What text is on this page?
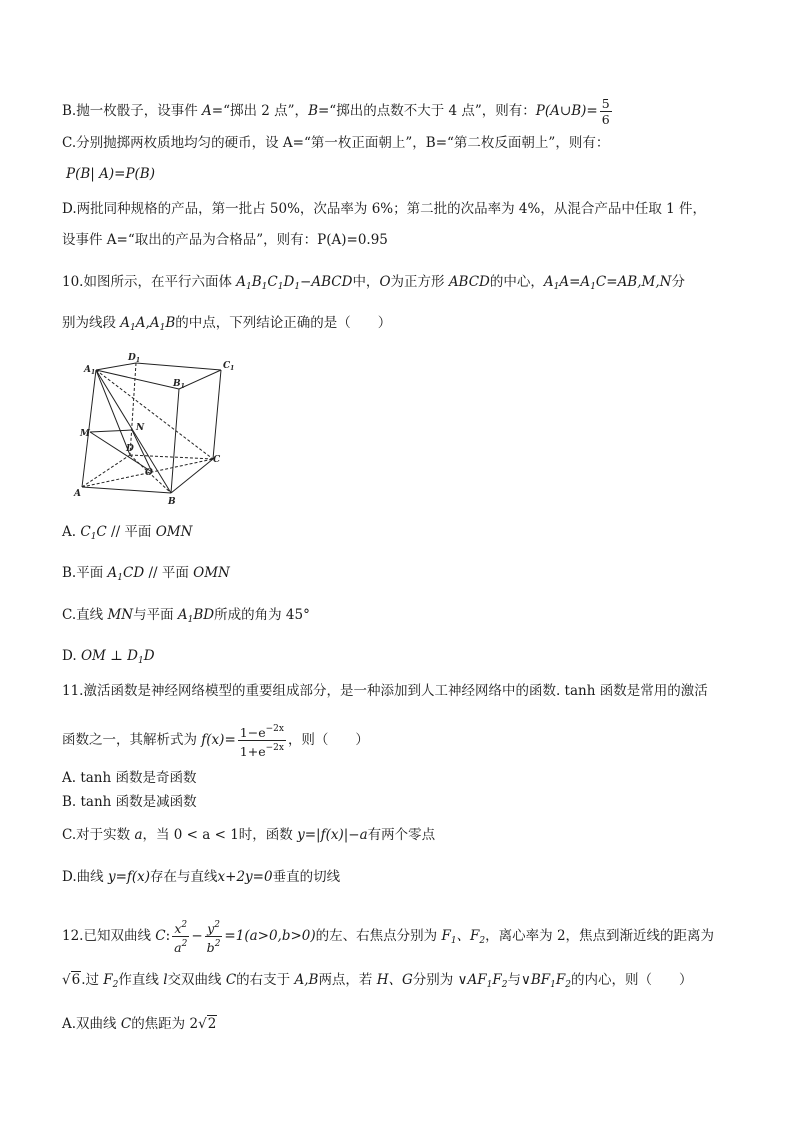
B.抛一枚骰子，设事件 A=“掷出 2 点”，B=“掷出的点数不大于 4 点”，则有：P(A∪B)= $\frac{5}{6}$
C.分别抛掷两枚质地均匀的硬币，设 A=“第一枚正面朝上”，B=“第二枚反面朝上”，则有：
P(B| A)=P(B)
D.两批同种规格的产品，第一批占 50%，次品率为 6%；第二批的次品率为 4%，从混合产品中任取 1 件，
设事件 A=“取出的产品为合格品”，则有：P(A)=0.95
10.如图所示，在平行六面体 $A_1B_1C_1D_1-ABCD$中，O为正方形 ABCD的中心，$A_1A=A_1C=AB,M,N$分
别为线段 $A_1A,A_1B$的中点，下列结论正确的是（　　）
$D_1$
$C_1$
$A_1$
$B_1$
M
N
D
C
O
A
B
A. $C_1C$ // 平面 OMN
B.平面 $A_1CD$ // 平面 OMN
C.直线 MN与平面 $A_1BD$所成的角为 45°
D. OM ⊥ $D_1D$
11.激活函数是神经网络模型的重要组成部分，是一种添加到人工神经网络中的函数. tanh 函数是常用的激活
函数之一，其解析式为 $f(x)= \frac{1-e^{-2x}}{1+e^{-2x}}$ ，则（　　）
A. tanh 函数是奇函数
B. tanh 函数是减函数
C.对于实数 a，当 0 < a < 1时，函数 y=|f(x)|−a有两个零点
D.曲线 y=f(x)存在与直线x+2y=0垂直的切线
12.已知双曲线 C: $\frac{x^2}{a^2} - \frac{y^2}{b^2} =1(a>0,b>0)$的左、右焦点分别为 $F_1$、$F_2$，离心率为 2，焦点到渐近线的距离为
√6.过 $F_2$作直线 l交双曲线 C的右支于 A,B两点，若 H、G分别为 $\vee AF_1F_2$与$\vee BF_1F_2$的内心，则（　　）
A.双曲线 C的焦距为 2√2
